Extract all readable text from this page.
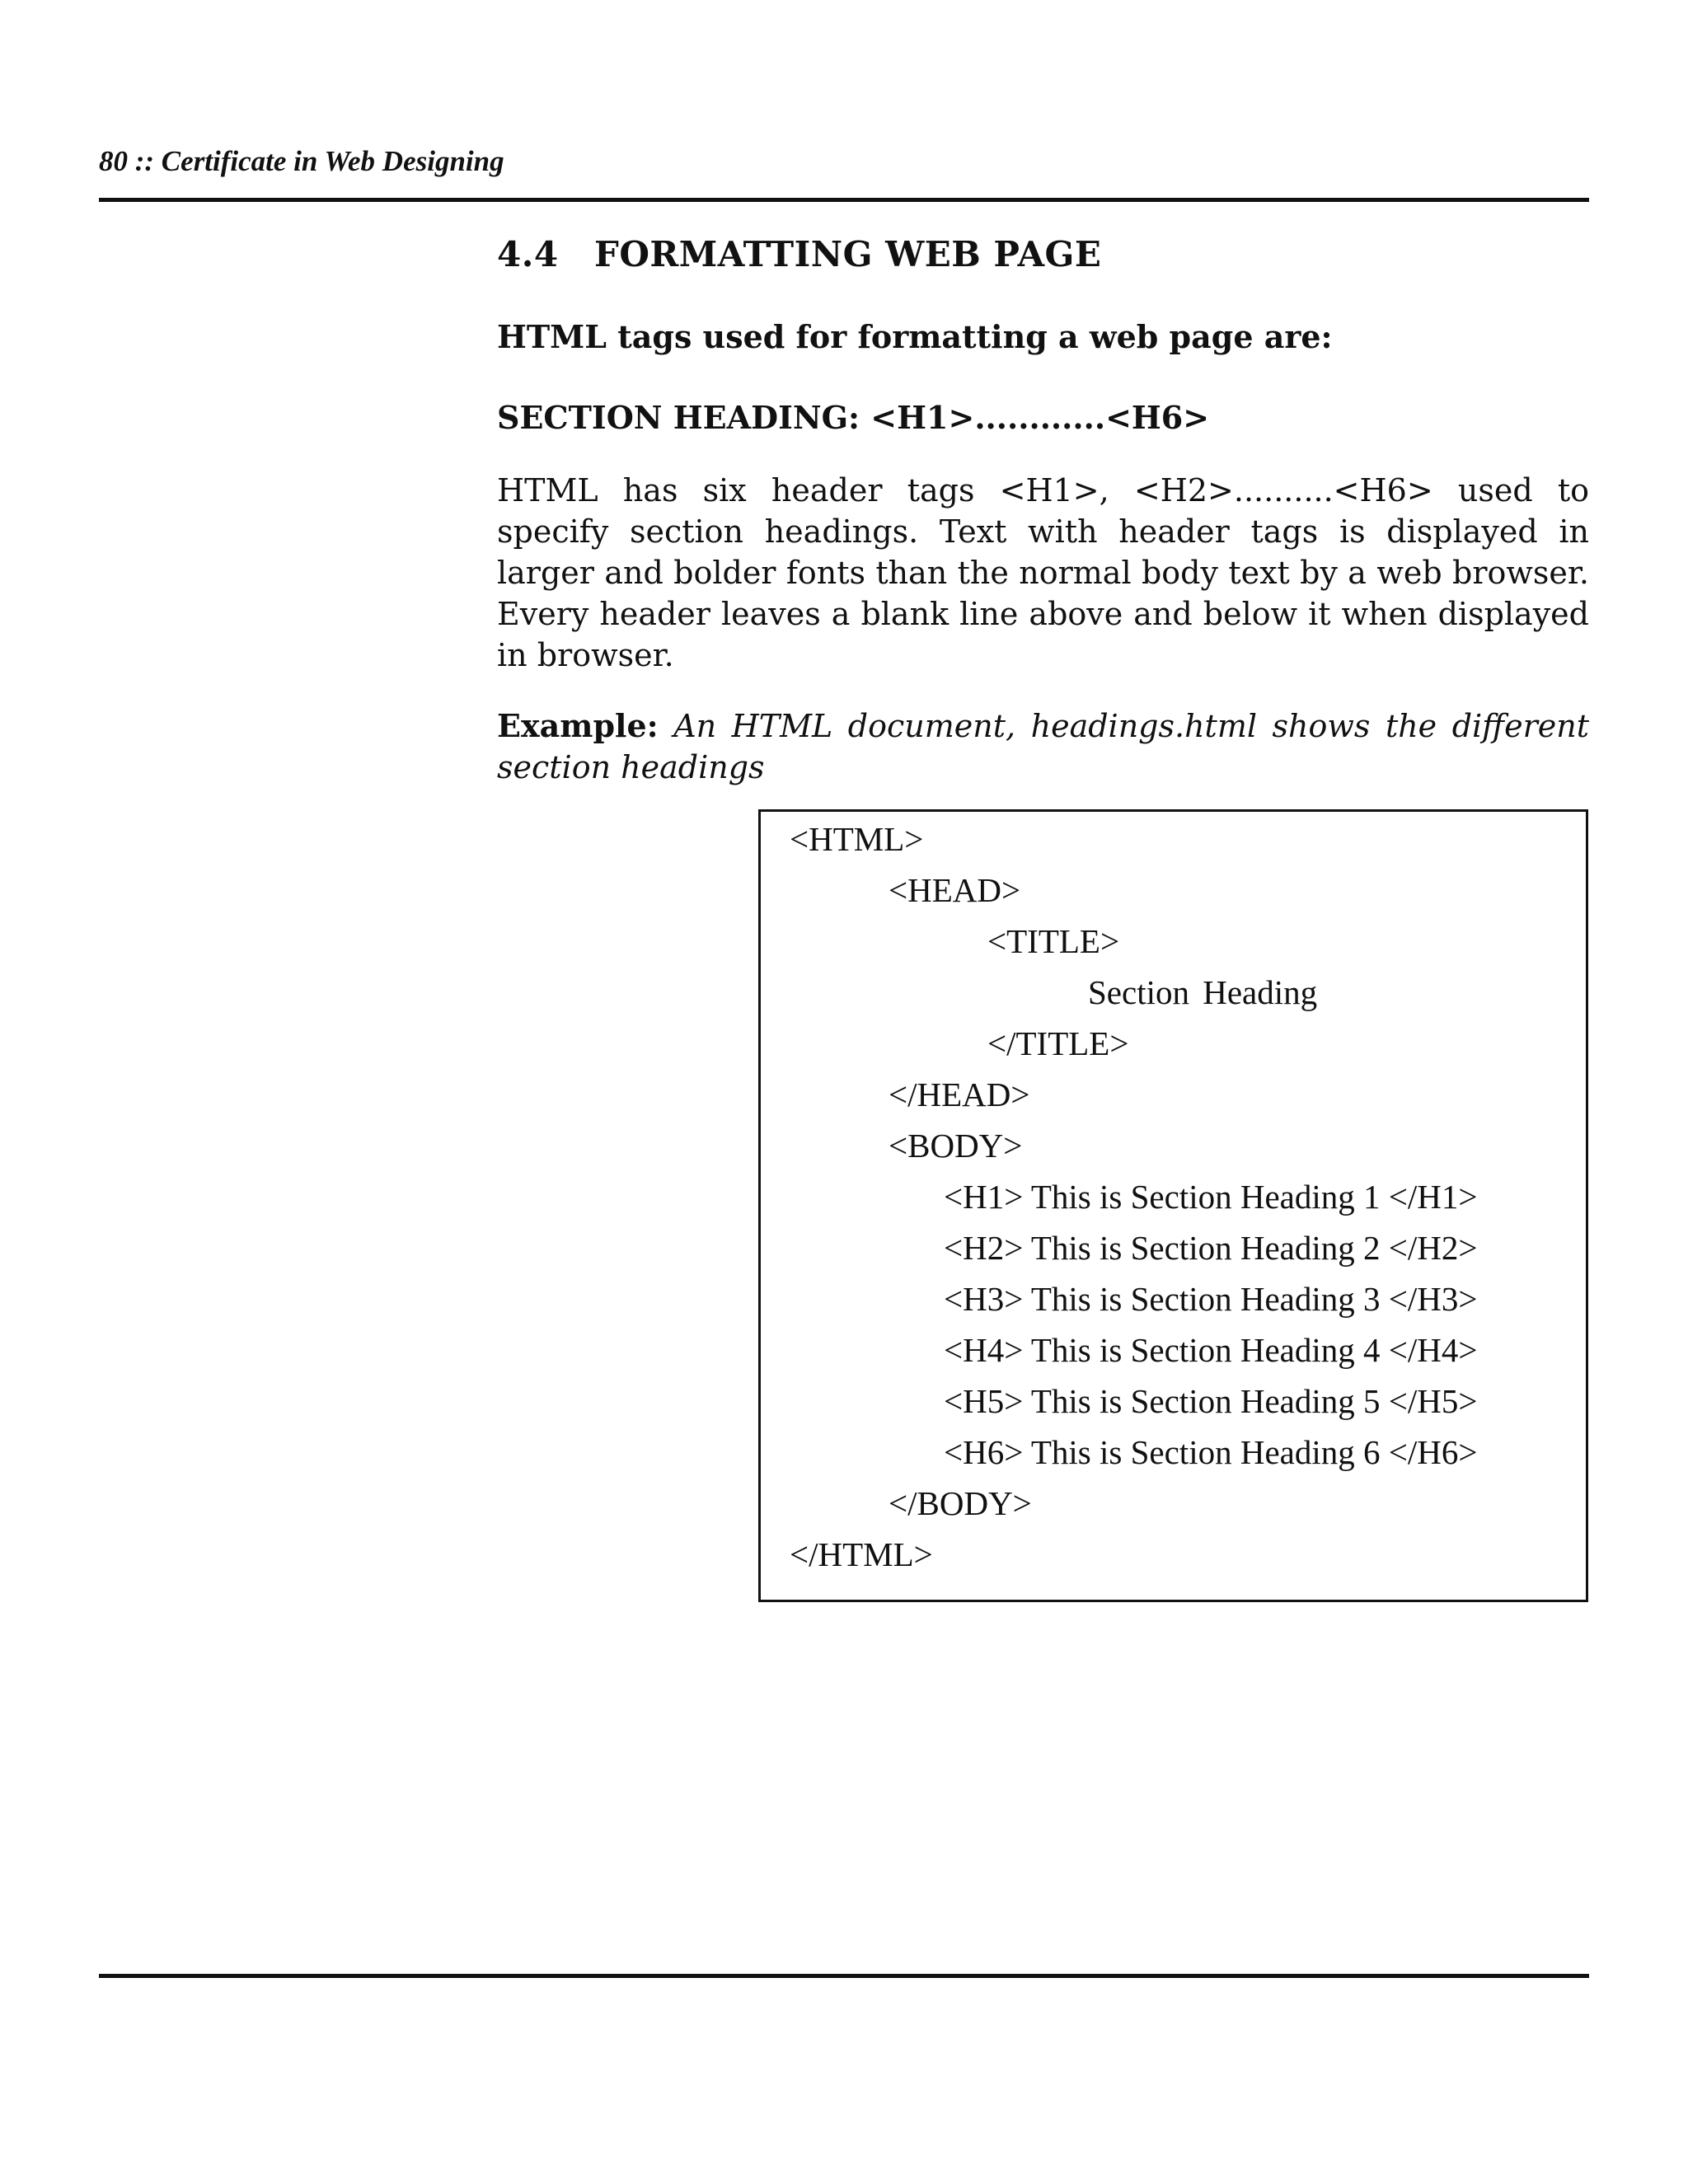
80 :: Certificate in Web Designing
4.4 FORMATTING WEB PAGE
HTML tags used for formatting a web page are:
SECTION HEADING: <H1>............<H6>
HTML has six header tags <H1>, <H2>..........<H6> used to specify section headings. Text with header tags is displayed in larger and bolder fonts than the normal body text by a web browser. Every header leaves a blank line above and below it when displayed in browser.
Example: An HTML document, headings.html shows the different section headings
<HTML>
<HEAD>
<TITLE>
Section Heading
</TITLE>
</HEAD>
<BODY>
<H1> This is Section Heading 1 </H1>
<H2> This is Section Heading 2 </H2>
<H3> This is Section Heading 3 </H3>
<H4> This is Section Heading 4 </H4>
<H5> This is Section Heading 5 </H5>
<H6> This is Section Heading 6 </H6>
</BODY>
</HTML>
